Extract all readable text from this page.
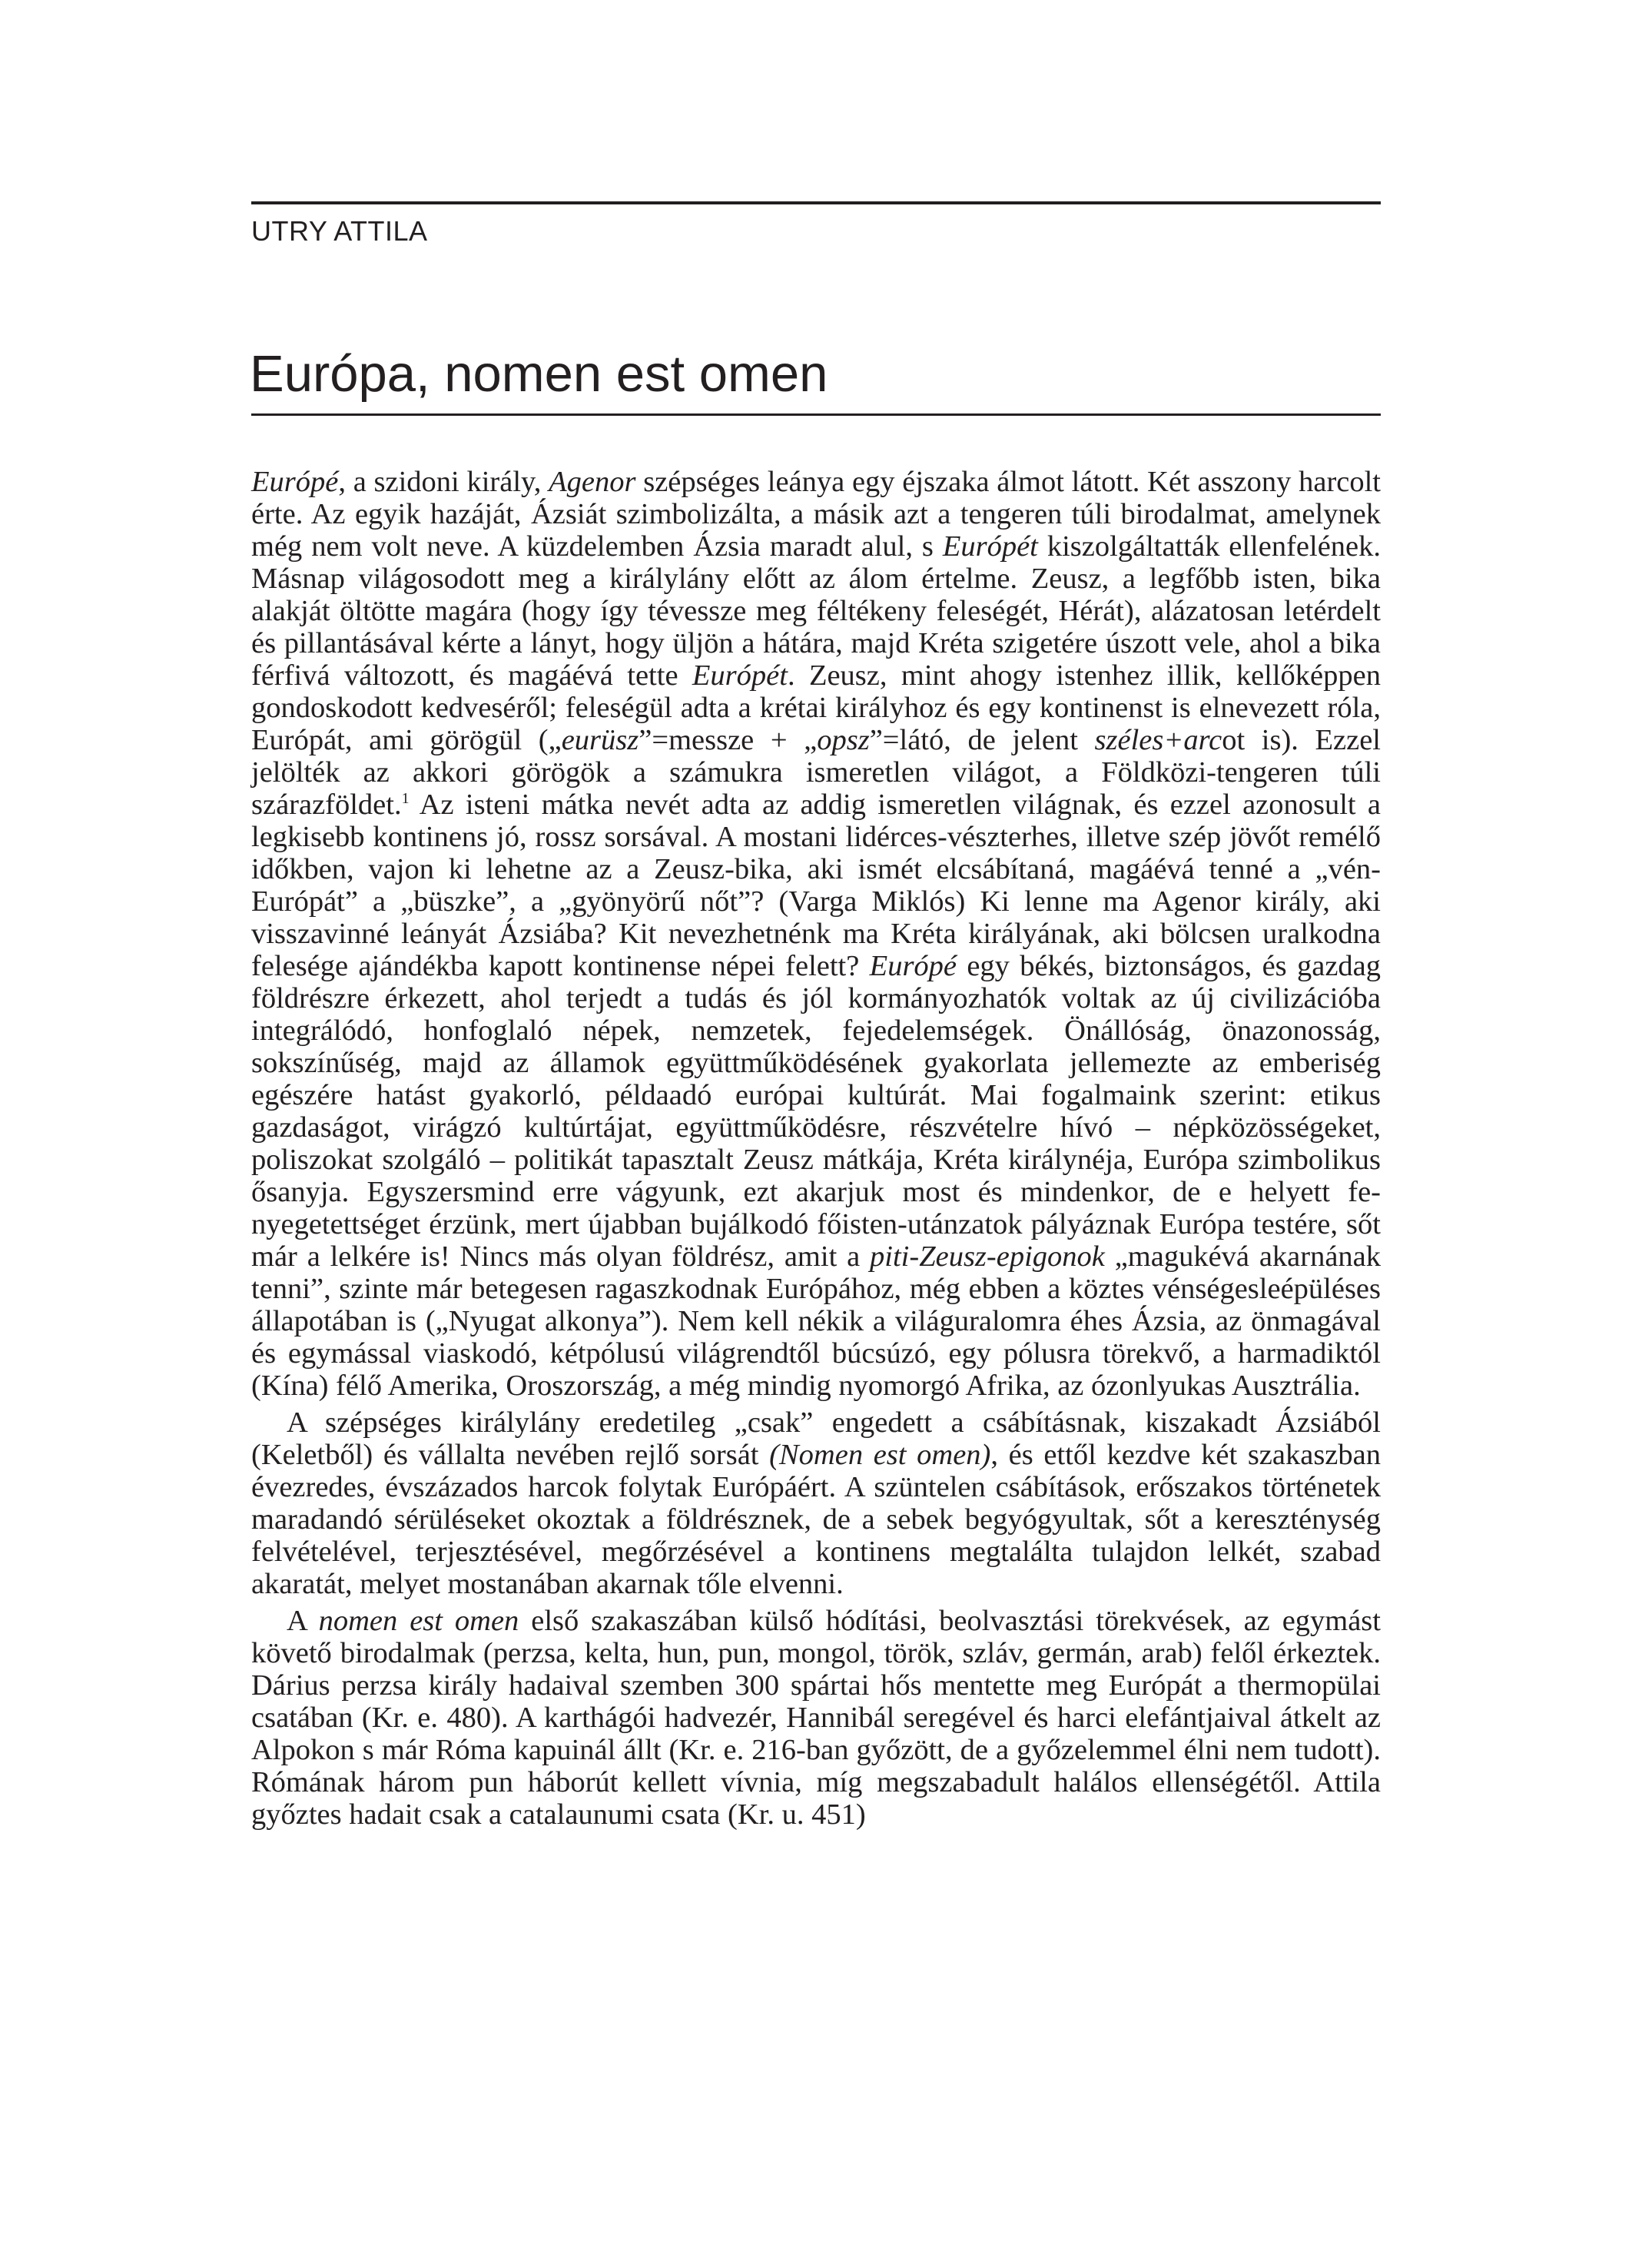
UTRY ATTILA
Európa, nomen est omen

Európé, a szidoni király, Agenor szépséges leánya egy éjszaka álmot látott. Két asszony harcolt érte. Az egyik hazáját, Ázsiát szimbolizálta, a másik azt a tengeren túli birodalmat, amelynek még nem volt neve. A küzdelemben Ázsia maradt alul, s Európét kiszolgáltatták ellenfelének. Másnap világosodott meg a királylány előtt az álom értelme. Zeusz, a legfőbb isten, bika alakját öltötte magára (hogy így tévessze meg féltékeny feleségét, Hérát), alázatosan letérdelt és pillantásával kérte a lányt, hogy üljön a hátára, majd Kréta szigetére úszott vele, ahol a bika férfivá változott, és magáévá tette Európét. Zeusz, mint ahogy istenhez illik, kellőképpen gondoskodott kedveséről; feleségül adta a krétai királyhoz és egy kontinenst is elnevezett róla, Európát, ami görögül („eurüsz”=messze + „opsz”=látó, de jelent széles+arcot is). Ezzel jelölték az akkori görögök a számukra ismeretlen világot, a Földközi-tengeren túli szárazföldet.$^1$ Az isteni mátka nevét adta az addig ismeretlen világnak, és ezzel azonosult a legkisebb kontinens jó, rossz sorsával. A mostani lidérces-vészterhes, illetve szép jövőt remélő időkben, vajon ki lehetne az a Zeusz-bika, aki ismét elcsábítaná, magáévá tenné a „vén-Európát” a „büszke”, a „gyönyörű nőt”? (Varga Miklós) Ki lenne ma Agenor király, aki visszavinné leányát Ázsiába? Kit nevezhetnénk ma Kréta királyának, aki bölcsen uralkodna felesége ajándékba kapott kontinense népei felett? Európé egy békés, biztonságos, és gazdag földrészre érkezett, ahol terjedt a tudás és jól kormányozhatók voltak az új civilizációba integrálódó, honfoglaló népek, nemzetek, fejedelemségek. Önállóság, önazonosság, sokszínűség, majd az államok együttműködésének gyakorlata jellemezte az emberiség egészére hatást gyakorló, példaadó európai kultúrát. Mai fogalmaink szerint: etikus gazdaságot, virágzó kultúrtájat, együttműködésre, részvételre hívó – népközösségeket, poliszokat szolgáló – politikát tapasztalt Zeusz mátkája, Kréta királynéja, Európa szimbolikus ősanyja. Egyszersmind erre vágyunk, ezt akarjuk most és mindenkor, de e helyett fenyegetettséget érzünk, mert újabban bujálkodó főisten-utánzatok pályáznak Európa testére, sőt már a lelkére is! Nincs más olyan földrész, amit a piti-Zeusz-epigonok „magukévá akarnának tenni”, szinte már betegesen ragaszkodnak Európához, még ebben a köztes vénségesleépüléses állapotában is („Nyugat alkonya”). Nem kell nékik a világuralomra éhes Ázsia, az önmagával és egymással viaskodó, kétpólusú világrendtől búcsúzó, egy pólusra törekvő, a harmadiktól (Kína) félő Amerika, Oroszország, a még mindig nyomorgó Afrika, az ózonlyukas Ausztrália.

A szépséges királylány eredetileg „csak” engedett a csábításnak, kiszakadt Ázsiából (Keletből) és vállalta nevében rejlő sorsát (Nomen est omen), és ettől kezdve két szakaszban évezredes, évszázados harcok folytak Európáért. A szüntelen csábítások, erőszakos történetek maradandó sérüléseket okoztak a földrésznek, de a sebek begyógyultak, sőt a kereszténység felvételével, terjesztésével, megőrzésével a kontinens megtalálta tulajdon lelkét, szabad akaratát, melyet mostanában akarnak tőle elvenni.

A nomen est omen első szakaszában külső hódítási, beolvasztási törekvések, az egymást követő birodalmak (perzsa, kelta, hun, pun, mongol, török, szláv, germán, arab) felől érkeztek. Dárius perzsa király hadaival szemben 300 spártai hős mentette meg Európát a thermopülai csatában (Kr. e. 480). A karthágói hadvezér, Hannibál seregével és harci elefántjaival átkelt az Alpokon s már Róma kapuinál állt (Kr. e. 216-ban győzött, de a győzelemmel élni nem tudott). Rómának három pun háborút kellett vívnia, míg megszabadult halálos ellenségétől. Attila győztes hadait csak a catalaunumi csata (Kr. u. 451)
